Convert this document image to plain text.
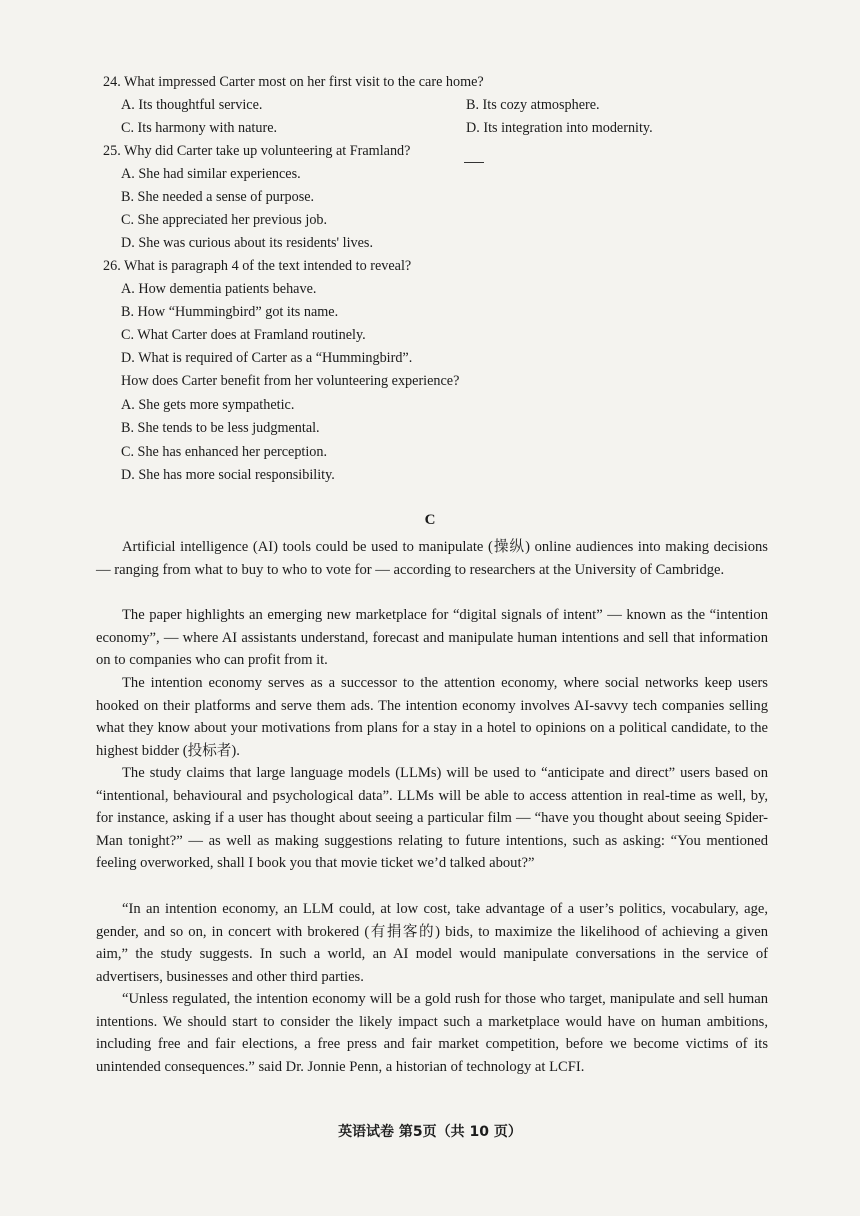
24. What impressed Carter most on her first visit to the care home?
A. Its thoughtful service.	B. Its cozy atmosphere.
C. Its harmony with nature.	D. Its integration into modernity.
25. Why did Carter take up volunteering at Framland?
A. She had similar experiences.
B. She needed a sense of purpose.
C. She appreciated her previous job.
D. She was curious about its residents' lives.
26. What is paragraph 4 of the text intended to reveal?
A. How dementia patients behave.
B. How “Hummingbird” got its name.
C. What Carter does at Framland routinely.
D. What is required of Carter as a “Hummingbird”.
How does Carter benefit from her volunteering experience?
A. She gets more sympathetic.
B. She tends to be less judgmental.
C. She has enhanced her perception.
D. She has more social responsibility.
C
Artificial intelligence (AI) tools could be used to manipulate (操纵) online audiences into making decisions — ranging from what to buy to who to vote for — according to researchers at the University of Cambridge.
The paper highlights an emerging new marketplace for “digital signals of intent” — known as the “intention economy”, — where AI assistants understand, forecast and manipulate human intentions and sell that information on to companies who can profit from it.
The intention economy serves as a successor to the attention economy, where social networks keep users hooked on their platforms and serve them ads. The intention economy involves AI-savvy tech companies selling what they know about your motivations from plans for a stay in a hotel to opinions on a political candidate, to the highest bidder (投标者).
The study claims that large language models (LLMs) will be used to “anticipate and direct” users based on “intentional, behavioural and psychological data”. LLMs will be able to access attention in real-time as well, by, for instance, asking if a user has thought about seeing a particular film — “have you thought about seeing Spider-Man tonight?” — as well as making suggestions relating to future intentions, such as asking: “You mentioned feeling overworked, shall I book you that movie ticket we’d talked about?”
“In an intention economy, an LLM could, at low cost, take advantage of a user’s politics, vocabulary, age, gender, and so on, in concert with brokered (有捐客的) bids, to maximize the likelihood of achieving a given aim,” the study suggests. In such a world, an AI model would manipulate conversations in the service of advertisers, businesses and other third parties.
“Unless regulated, the intention economy will be a gold rush for those who target, manipulate and sell human intentions. We should start to consider the likely impact such a marketplace would have on human ambitions, including free and fair elections, a free press and fair market competition, before we become victims of its unintended consequences.” said Dr. Jonnie Penn, a historian of technology at LCFI.
英语试卷 第5页（共 10 页）
